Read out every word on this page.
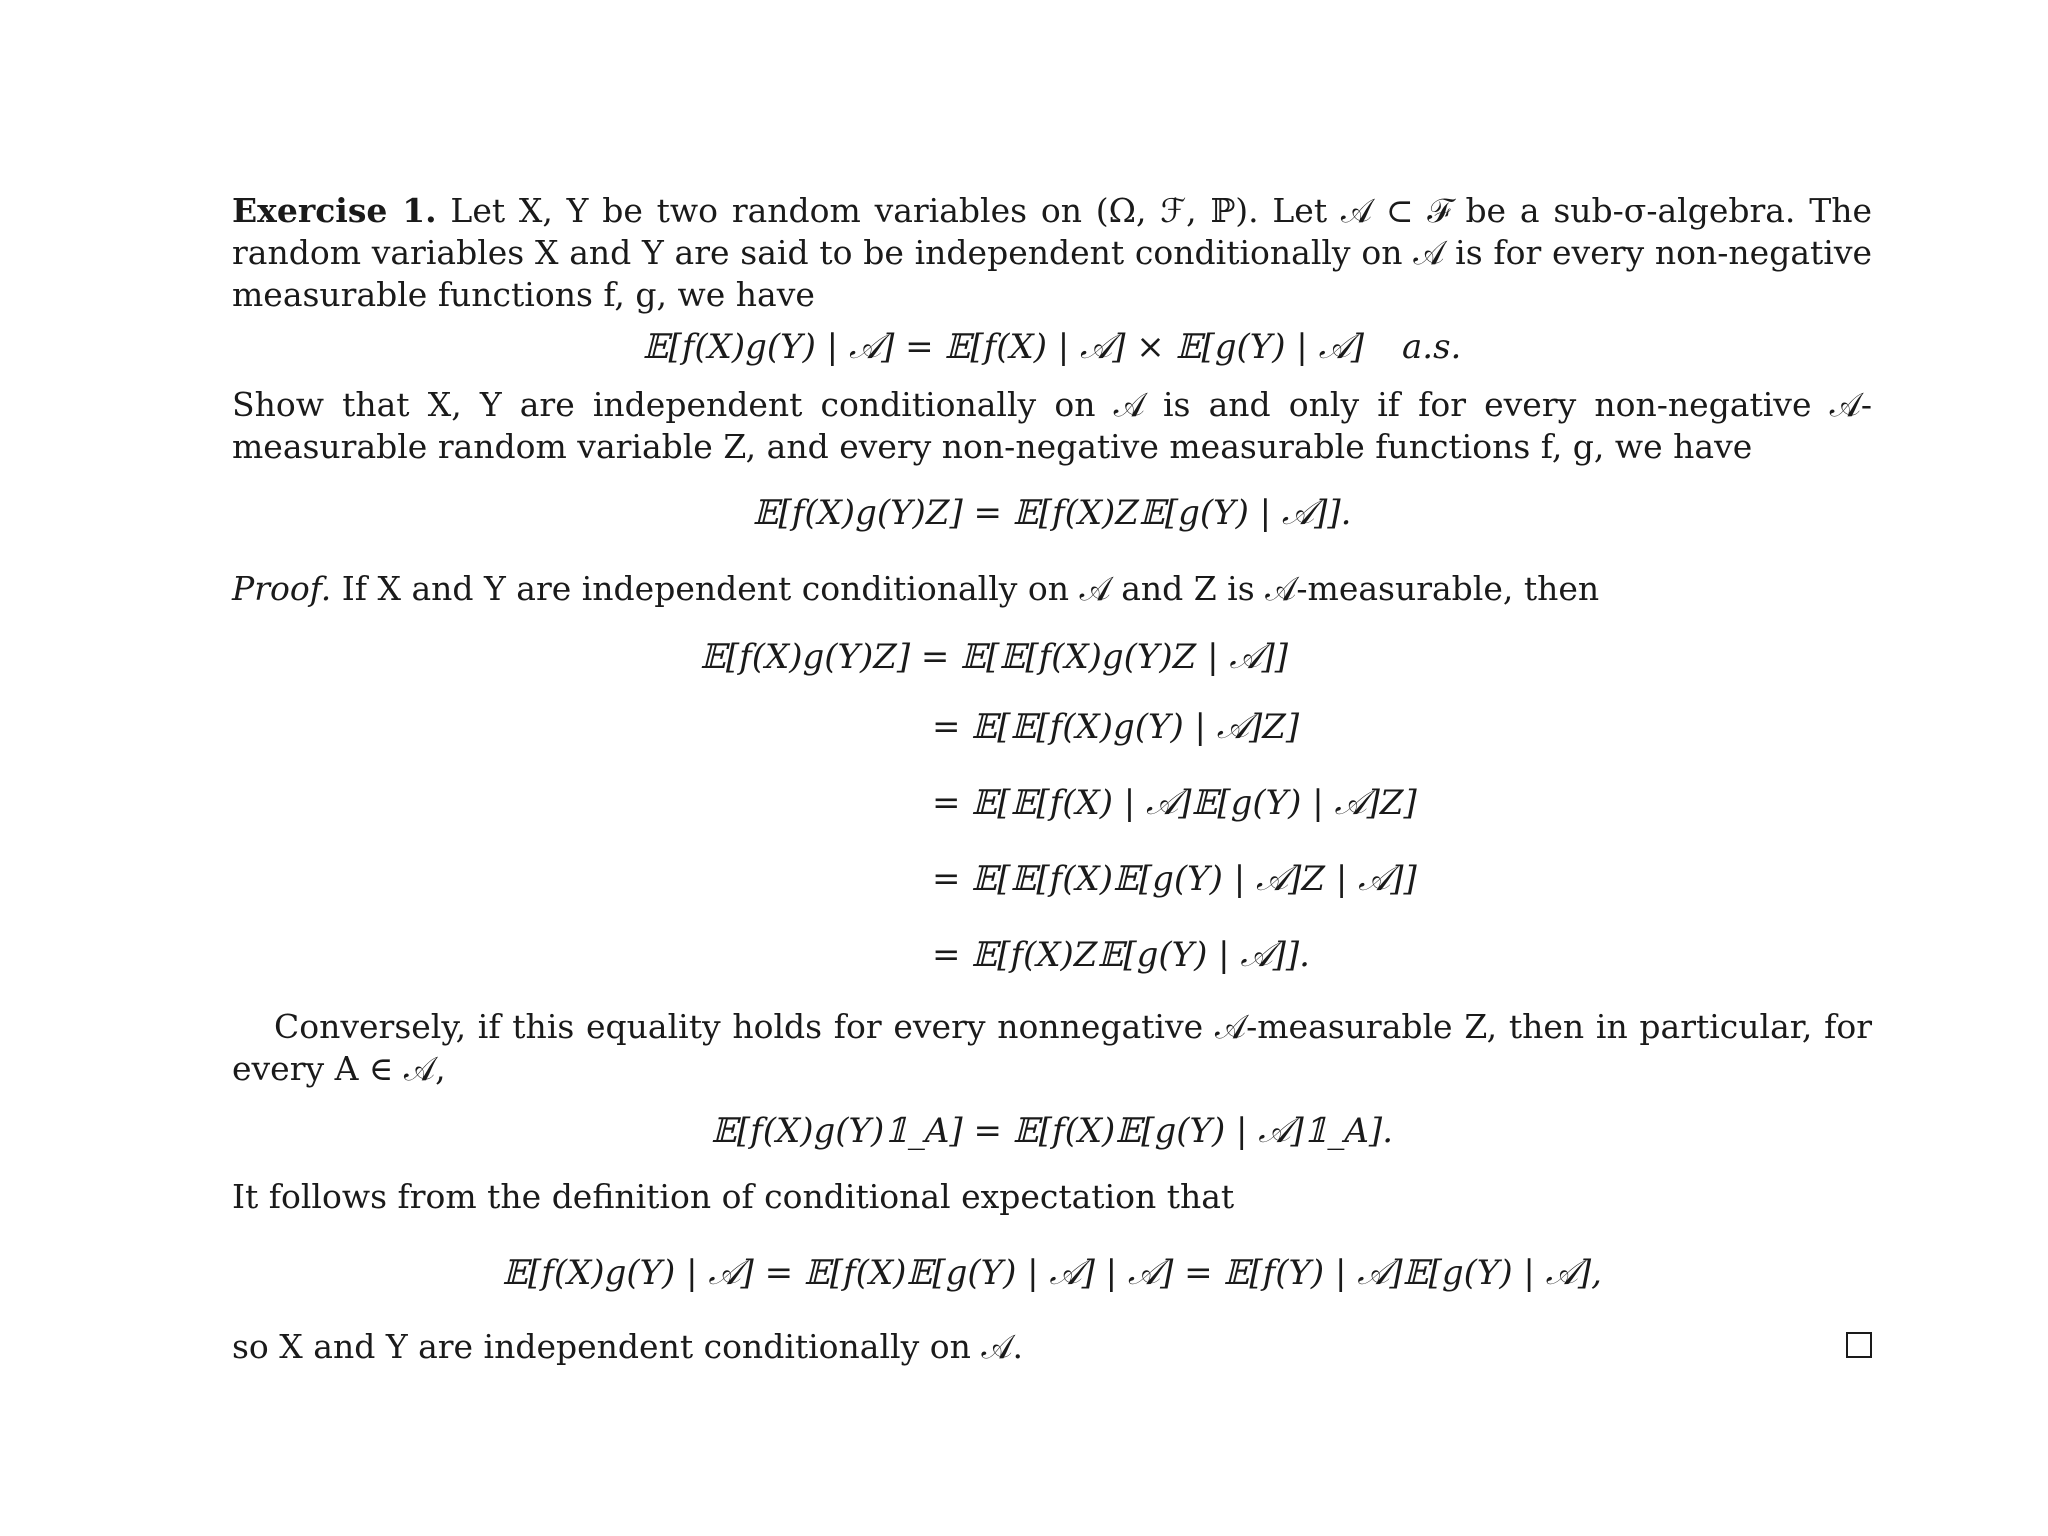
Exercise 1. Let X, Y be two random variables on (Ω, ℱ, ℙ). Let 𝒜 ⊂ ℱ be a sub-σ-algebra. The random variables X and Y are said to be independent conditionally on 𝒜 is for every non-negative measurable functions f, g, we have

𝔼[f(X)g(Y) | 𝒜] = 𝔼[f(X) | 𝒜] × 𝔼[g(Y) | 𝒜] a.s.

Show that X, Y are independent conditionally on 𝒜 is and only if for every non-negative 𝒜-measurable random variable Z, and every non-negative measurable functions f, g, we have

𝔼[f(X)g(Y)Z] = 𝔼[f(X)Z𝔼[g(Y) | 𝒜]].

Proof. If X and Y are independent conditionally on 𝒜 and Z is 𝒜-measurable, then

𝔼[f(X)g(Y)Z] = 𝔼[𝔼[f(X)g(Y)Z | 𝒜]]

= 𝔼[𝔼[f(X)g(Y) | 𝒜]Z]

= 𝔼[𝔼[f(X) | 𝒜]𝔼[g(Y) | 𝒜]Z]

= 𝔼[𝔼[f(X)𝔼[g(Y) | 𝒜]Z | 𝒜]]

= 𝔼[f(X)Z𝔼[g(Y) | 𝒜]].

Conversely, if this equality holds for every nonnegative 𝒜-measurable Z, then in particular, for every A ∈ 𝒜,

𝔼[f(X)g(Y)𝟙_A] = 𝔼[f(X)𝔼[g(Y) | 𝒜]𝟙_A].

It follows from the definition of conditional expectation that

𝔼[f(X)g(Y) | 𝒜] = 𝔼[f(X)𝔼[g(Y) | 𝒜] | 𝒜] = 𝔼[f(Y) | 𝒜]𝔼[g(Y) | 𝒜],

so X and Y are independent conditionally on 𝒜.
